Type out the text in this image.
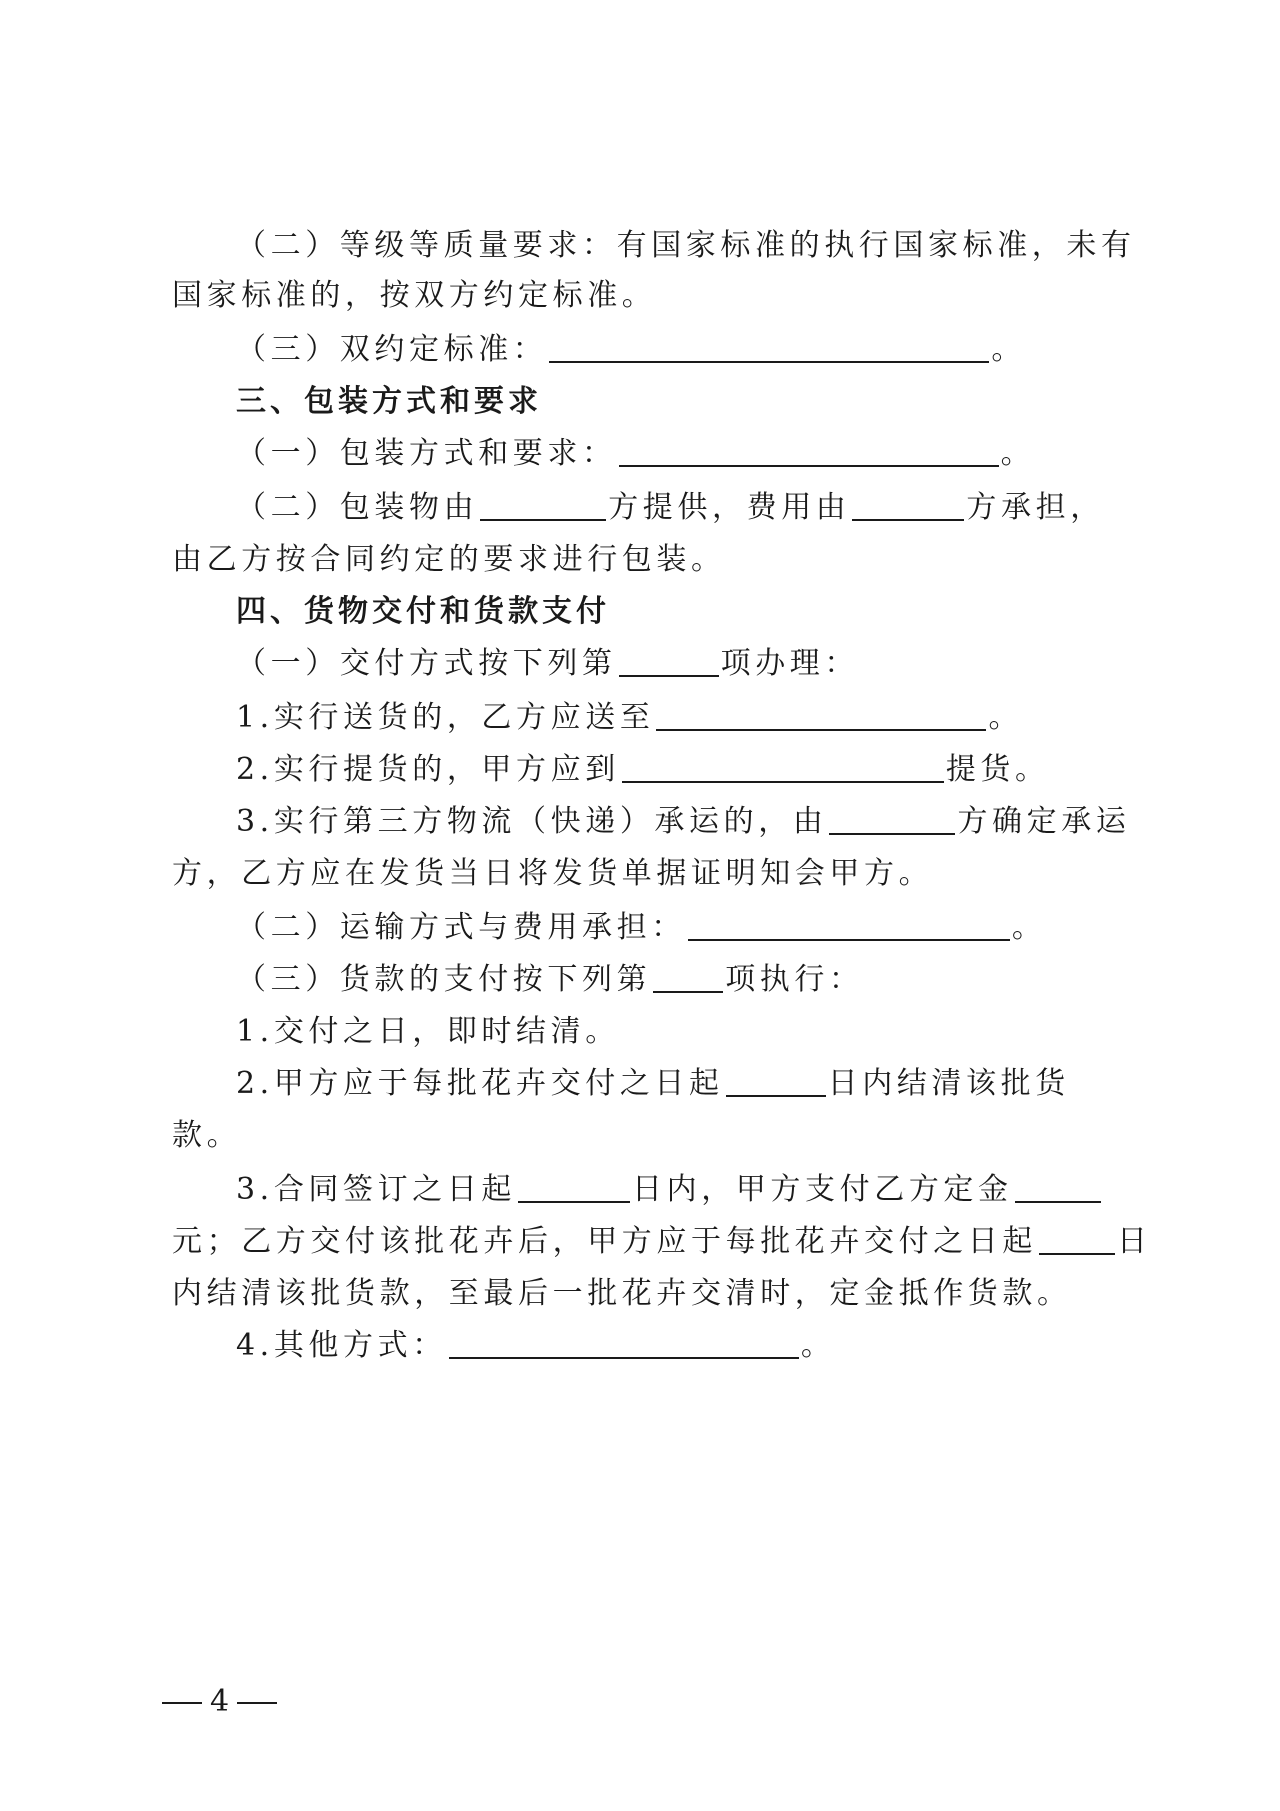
（二）等级等质量要求：有国家标准的执行国家标准，未有
国家标准的，按双方约定标准。
（三）双约定标准：	。
三、包装方式和要求
（一）包装方式和要求：	。
（二）包装物由	方提供，费用由	方承担，
由乙方按合同约定的要求进行包装。
四、货物交付和货款支付
（一）交付方式按下列第	项办理：
1.实行送货的，乙方应送至	。
2.实行提货的，甲方应到	提货。
3.实行第三方物流（快递）承运的，由	方确定承运
方，乙方应在发货当日将发货单据证明知会甲方。
（二）运输方式与费用承担：	。
（三）货款的支付按下列第 项执行：
1.交付之日，即时结清。
2.甲方应于每批花卉交付之日起	日内结清该批货
款。
3.合同签订之日起	日内，甲方支付乙方定金
元；乙方交付该批花卉后，甲方应于每批花卉交付之日起	日
内结清该批货款，至最后一批花卉交清时，定金抵作货款。
4.其他方式：	。
4
